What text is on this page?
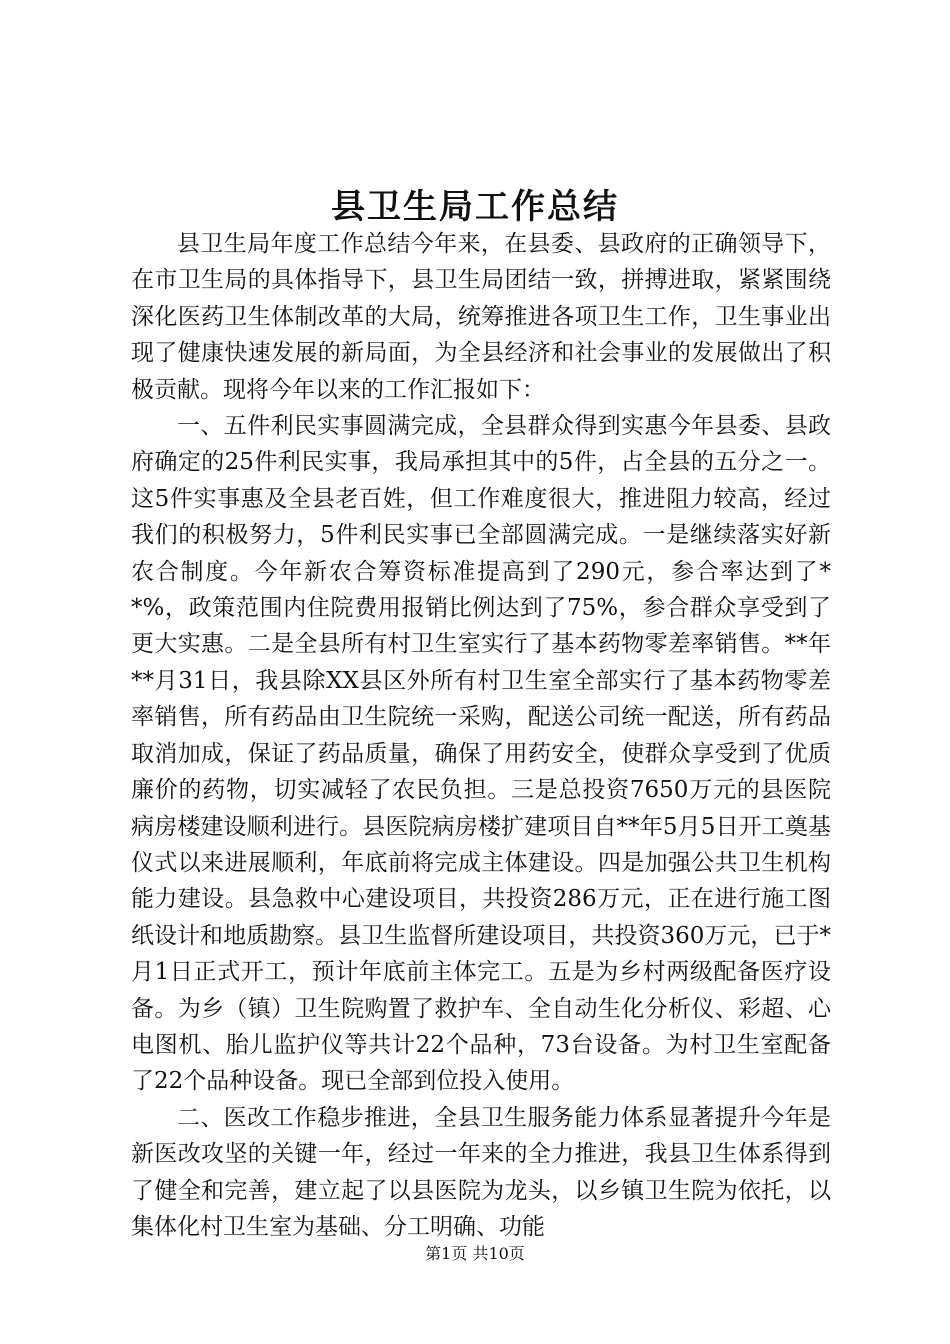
县卫生局工作总结

县卫生局年度工作总结今年来，在县委、县政府的正确领导下，在市卫生局的具体指导下，县卫生局团结一致，拼搏进取，紧紧围绕深化医药卫生体制改革的大局，统筹推进各项卫生工作，卫生事业出现了健康快速发展的新局面，为全县经济和社会事业的发展做出了积极贡献。现将今年以来的工作汇报如下：

一、五件利民实事圆满完成，全县群众得到实惠今年县委、县政府确定的25件利民实事，我局承担其中的5件，占全县的五分之一。这5件实事惠及全县老百姓，但工作难度很大，推进阻力较高，经过我们的积极努力，5件利民实事已全部圆满完成。一是继续落实好新农合制度。今年新农合筹资标准提高到了290元，参合率达到了**%，政策范围内住院费用报销比例达到了75%，参合群众享受到了更大实惠。二是全县所有村卫生室实行了基本药物零差率销售。**年**月31日，我县除XX县区外所有村卫生室全部实行了基本药物零差率销售，所有药品由卫生院统一采购，配送公司统一配送，所有药品取消加成，保证了药品质量，确保了用药安全，使群众享受到了优质廉价的药物，切实减轻了农民负担。三是总投资7650万元的县医院病房楼建设顺利进行。县医院病房楼扩建项目自**年5月5日开工奠基仪式以来进展顺利，年底前将完成主体建设。四是加强公共卫生机构能力建设。县急救中心建设项目，共投资286万元，正在进行施工图纸设计和地质勘察。县卫生监督所建设项目，共投资360万元，已于*月1日正式开工，预计年底前主体完工。五是为乡村两级配备医疗设备。为乡（镇）卫生院购置了救护车、全自动生化分析仪、彩超、心电图机、胎儿监护仪等共计22个品种，73台设备。为村卫生室配备了22个品种设备。现已全部到位投入使用。

二、医改工作稳步推进，全县卫生服务能力体系显著提升今年是新医改攻坚的关键一年，经过一年来的全力推进，我县卫生体系得到了健全和完善，建立起了以县医院为龙头，以乡镇卫生院为依托，以集体化村卫生室为基础、分工明确、功能

第1页 共10页
